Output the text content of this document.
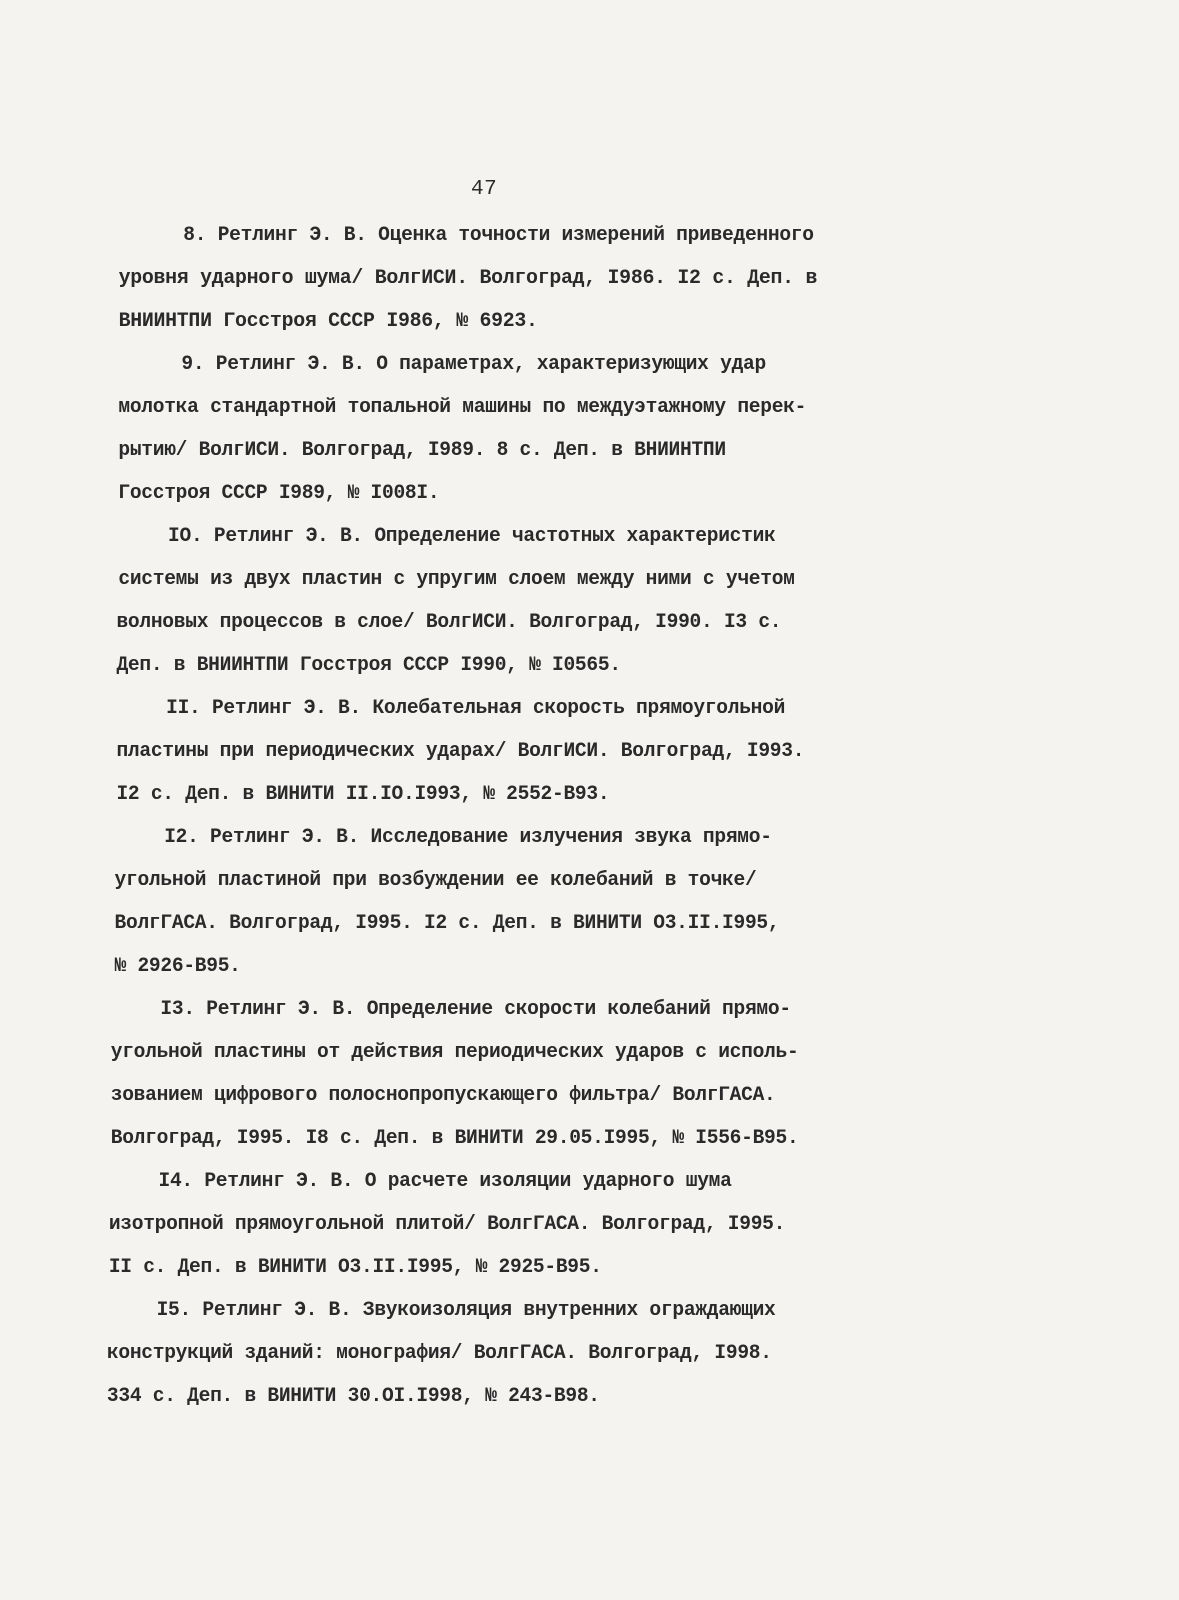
47
8. Ретлинг Э. В. Оценка точности измерений приведенного
уровня ударного шума/ ВолгИСИ. Волгоград, I986. I2 с. Деп. в
ВНИИНТПИ Госстроя СССР I986, № 6923.
9. Ретлинг Э. В. О параметрах, характеризующих удар
молотка стандартной топальной машины по междуэтажному перек-
рытию/ ВолгИСИ. Волгоград, I989. 8 с. Деп. в ВНИИНТПИ
Госстроя СССР I989, № I008I.
IО. Ретлинг Э. В. Определение частотных характеристик
системы из двух пластин с упругим слоем между ними с учетом
волновых процессов в слое/ ВолгИСИ. Волгоград, I990. I3 с.
Деп. в ВНИИНТПИ Госстроя СССР I990, № I0565.
II. Ретлинг Э. В. Колебательная скорость прямоугольной
пластины при периодических ударах/ ВолгИСИ. Волгоград, I993.
I2 с. Деп. в ВИНИТИ II.IO.I993, № 2552-В93.
I2. Ретлинг Э. В. Исследование излучения звука прямо-
угольной пластиной при возбуждении ее колебаний в точке/
ВолгГАСА. Волгоград, I995. I2 с. Деп. в ВИНИТИ О3.II.I995,
№ 2926-В95.
I3. Ретлинг Э. В. Определение скорости колебаний прямо-
угольной пластины от действия периодических ударов с исполь-
зованием цифрового полоснопропускающего фильтра/ ВолгГАСА.
Волгоград, I995. I8 с. Деп. в ВИНИТИ 29.05.I995, № I556-В95.
I4. Ретлинг Э. В. О расчете изоляции ударного шума
изотропной прямоугольной плитой/ ВолгГАСА. Волгоград, I995.
II с. Деп. в ВИНИТИ О3.II.I995, № 2925-В95.
I5. Ретлинг Э. В. Звукоизоляция внутренних ограждающих
конструкций зданий: монография/ ВолгГАСА. Волгоград, I998.
334 с. Деп. в ВИНИТИ 30.OI.I998, № 243-В98.
